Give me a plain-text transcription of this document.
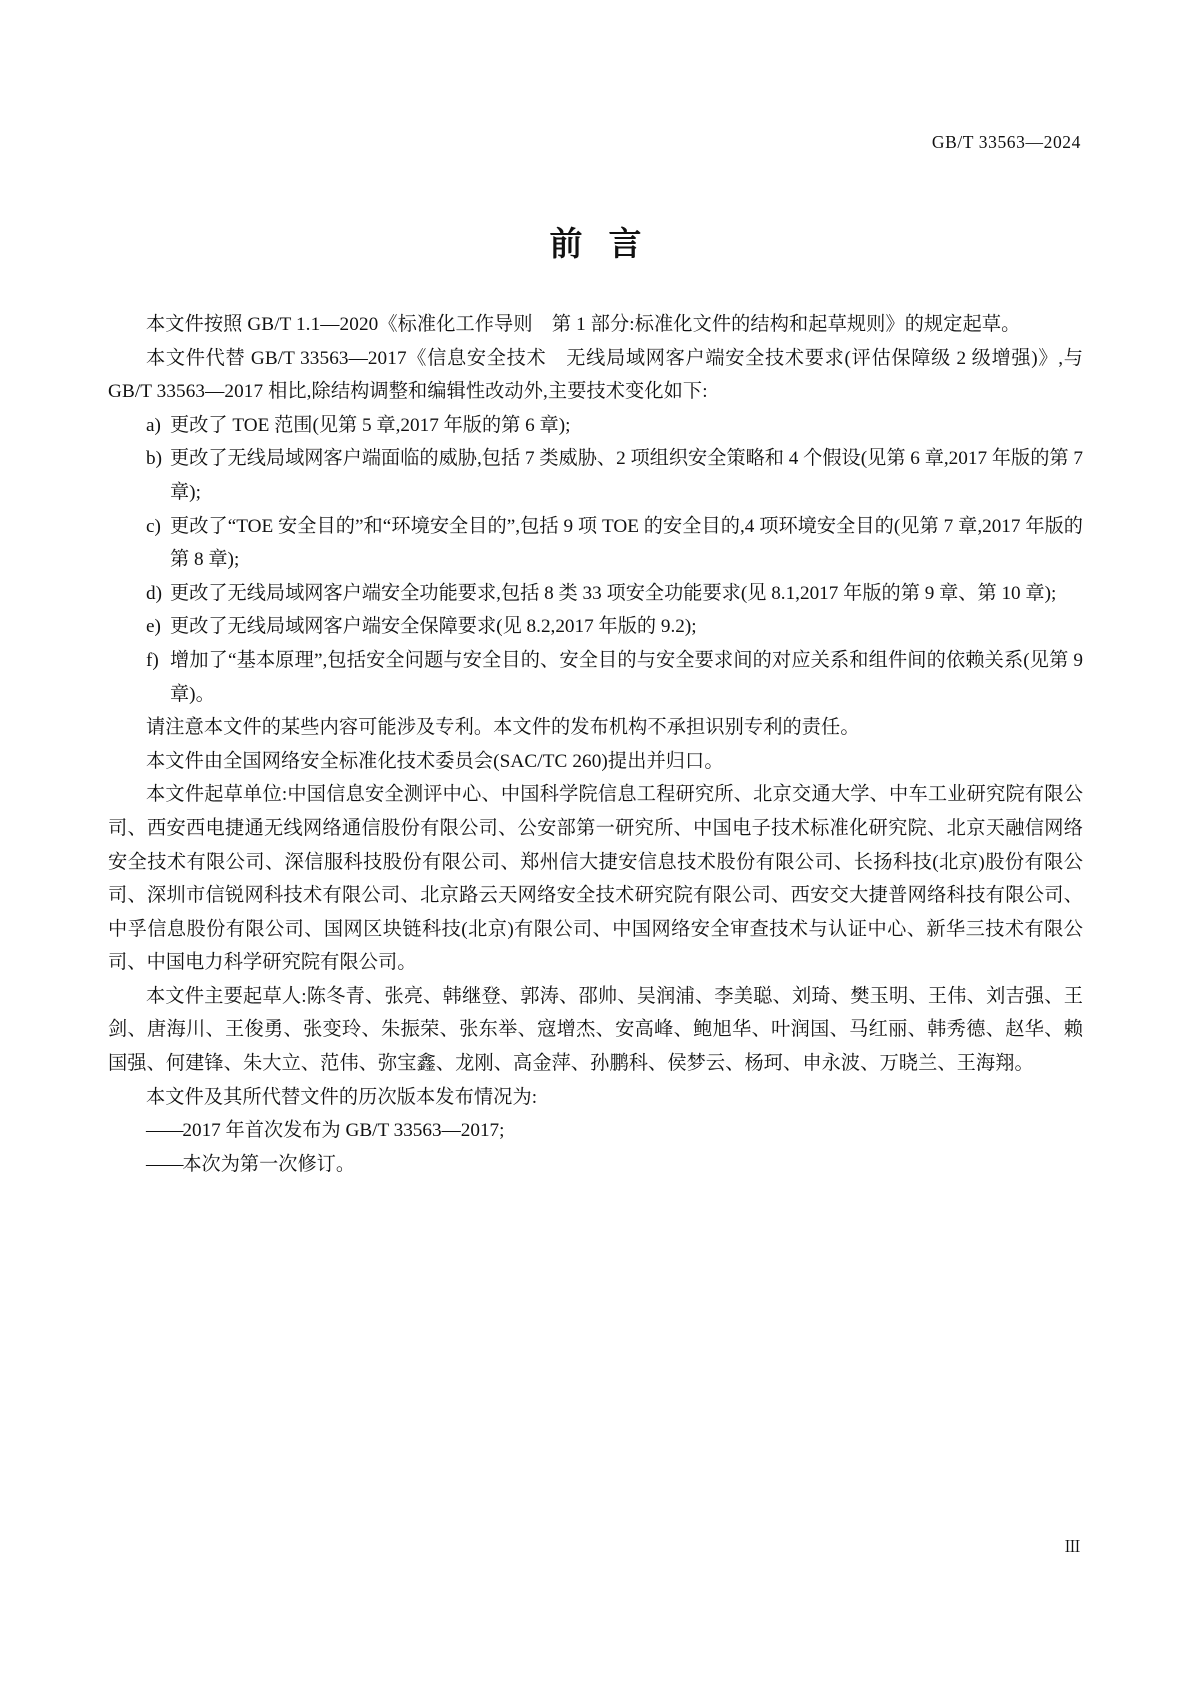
GB/T 33563—2024
前言

本文件按照 GB/T 1.1—2020《标准化工作导则　第 1 部分:标准化文件的结构和起草规则》的规定起草。

本文件代替 GB/T 33563—2017《信息安全技术　无线局域网客户端安全技术要求(评估保障级 2 级增强)》,与 GB/T 33563—2017 相比,除结构调整和编辑性改动外,主要技术变化如下:

a) 更改了 TOE 范围(见第 5 章,2017 年版的第 6 章);
b) 更改了无线局域网客户端面临的威胁,包括 7 类威胁、2 项组织安全策略和 4 个假设(见第 6 章,2017 年版的第 7 章);
c) 更改了“TOE 安全目的”和“环境安全目的”,包括 9 项 TOE 的安全目的,4 项环境安全目的(见第 7 章,2017 年版的第 8 章);
d) 更改了无线局域网客户端安全功能要求,包括 8 类 33 项安全功能要求(见 8.1,2017 年版的第 9 章、第 10 章);
e) 更改了无线局域网客户端安全保障要求(见 8.2,2017 年版的 9.2);
f) 增加了“基本原理”,包括安全问题与安全目的、安全目的与安全要求间的对应关系和组件间的依赖关系(见第 9 章)。

请注意本文件的某些内容可能涉及专利。本文件的发布机构不承担识别专利的责任。

本文件由全国网络安全标准化技术委员会(SAC/TC 260)提出并归口。

本文件起草单位:中国信息安全测评中心、中国科学院信息工程研究所、北京交通大学、中车工业研究院有限公司、西安西电捷通无线网络通信股份有限公司、公安部第一研究所、中国电子技术标准化研究院、北京天融信网络安全技术有限公司、深信服科技股份有限公司、郑州信大捷安信息技术股份有限公司、长扬科技(北京)股份有限公司、深圳市信锐网科技术有限公司、北京路云天网络安全技术研究院有限公司、西安交大捷普网络科技有限公司、中孚信息股份有限公司、国网区块链科技(北京)有限公司、中国网络安全审查技术与认证中心、新华三技术有限公司、中国电力科学研究院有限公司。

本文件主要起草人:陈冬青、张亮、韩继登、郭涛、邵帅、吴润浦、李美聪、刘琦、樊玉明、王伟、刘吉强、王剑、唐海川、王俊勇、张变玲、朱振荣、张东举、寇增杰、安高峰、鲍旭华、叶润国、马红丽、韩秀德、赵华、赖国强、何建锋、朱大立、范伟、弥宝鑫、龙刚、高金萍、孙鹏科、侯梦云、杨珂、申永波、万晓兰、王海翔。

本文件及其所代替文件的历次版本发布情况为:

—— 2017 年首次发布为 GB/T 33563—2017;
—— 本次为第一次修订。
Ⅲ
